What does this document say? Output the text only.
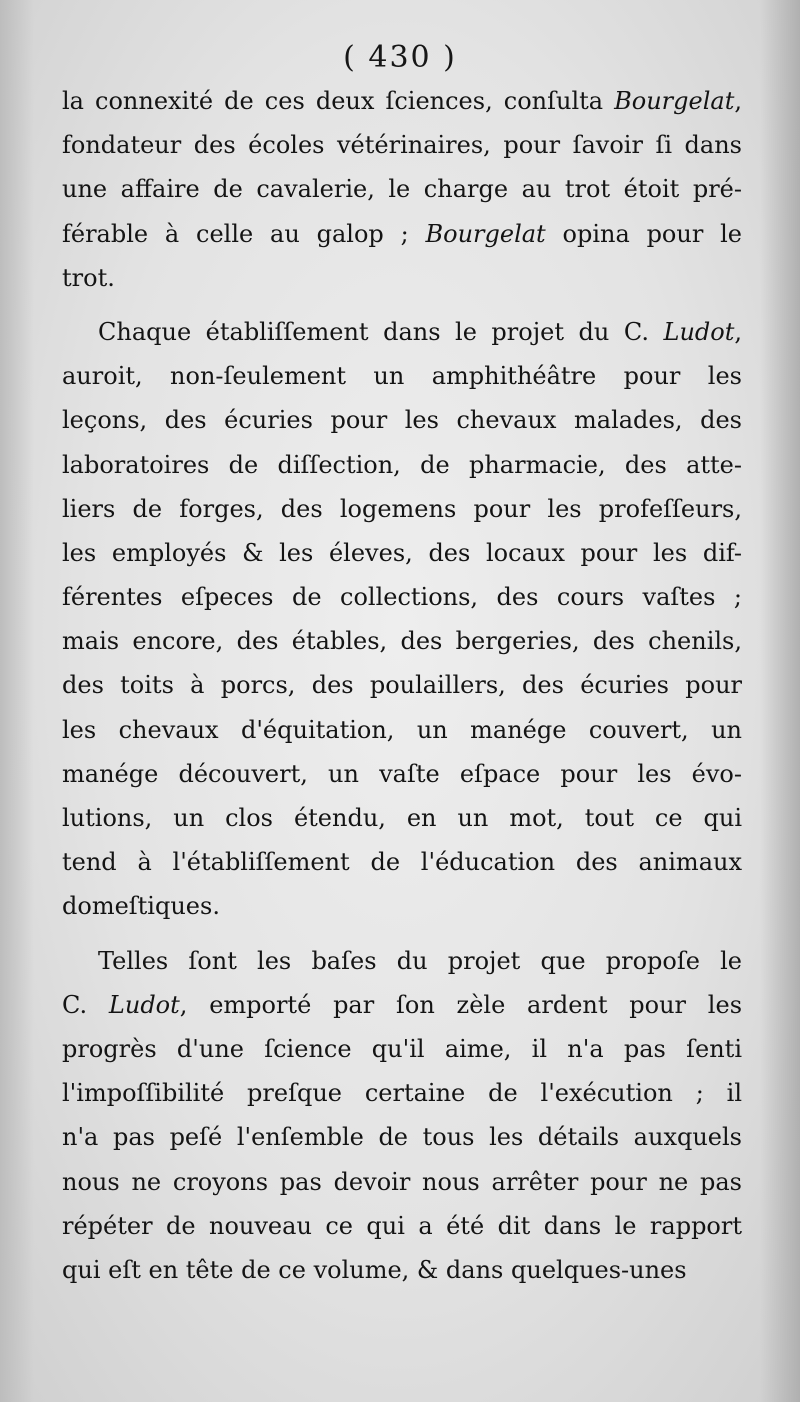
( 430 )
la connexité de ces deux ſciences, conſulta Bourgelat,
fondateur des écoles vétérinaires, pour ſavoir ſi dans
une affaire de cavalerie, le charge au trot étoit pré-
férable à celle au galop ; Bourgelat opina pour le
trot.
Chaque établiſſement dans le projet du C. Ludot,
auroit, non-ſeulement un amphithéâtre pour les
leçons, des écuries pour les chevaux malades, des
laboratoires de diſſection, de pharmacie, des atte-
liers de forges, des logemens pour les profeſſeurs,
les employés & les éleves, des locaux pour les dif-
férentes eſpeces de collections, des cours vaſtes ;
mais encore, des étables, des bergeries, des chenils,
des toits à porcs, des poulaillers, des écuries pour
les chevaux d'équitation, un manége couvert, un
manége découvert, un vaſte eſpace pour les évo-
lutions, un clos étendu, en un mot, tout ce qui
tend à l'établiſſement de l'éducation des animaux
domeſtiques.
Telles ſont les baſes du projet que propoſe le
C. Ludot, emporté par ſon zèle ardent pour les
progrès d'une ſcience qu'il aime, il n'a pas ſenti
l'impoſſibilité preſque certaine de l'exécution ; il
n'a pas peſé l'enſemble de tous les détails auxquels
nous ne croyons pas devoir nous arrêter pour ne pas
répéter de nouveau ce qui a été dit dans le rapport
qui eſt en tête de ce volume, & dans quelques-unes
